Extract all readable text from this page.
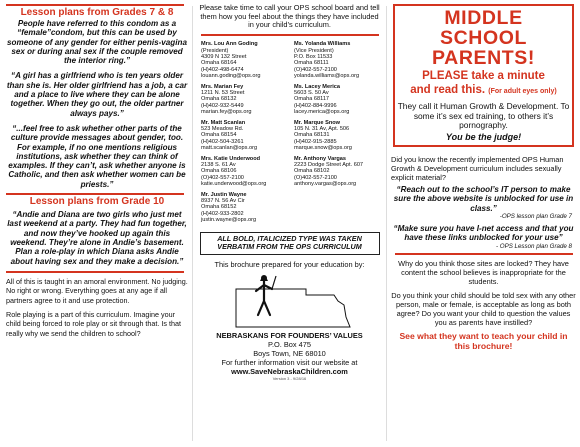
Lesson plans from Grades 7 & 8

People have referred to this condom as a “female”condom, but this can be used by someone of any gender for either penis-vagina sex or during anal sex if the couple removed the interior ring.”

“A girl has a girlfriend who is ten years older than she is. Her older girlfriend has a job, a car and a place to live where they can be alone together. When they go out, the older partner always pays.”

“...feel free to ask whether other parts of the culture provide messages about gender, too. For example, if no one mentions religious institutions, ask whether they can think of examples. If they can’t, ask whether anyone is Catholic, and then ask whether women can be priests.”

Lesson plans from Grade 10

“Andie and Diana are two girls who just met last weekend at a party. They had fun together, and now they’ve hooked up again this weekend. They’re alone in Andie’s basement. Plan a role-play in which Diana asks Andie about having sex and they make a decision.”

All of this is taught in an amoral environment. No judging. No right or wrong. Everything goes at any age if all partners agree to it and use protection.

Role playing is a part of this curriculum. Imagine your child being forced to role play or sit through that. Is that really why we send the children to school?

Please take time to call your OPS school board and tell them how you feel about the things they have included in your child’s curriculum.

Mrs. Lou Ann Goding
(President)
4309 N 132 Street
Omaha 68164
(H)402-498-6474
louann.goding@ops.org
Ms. Yolanda Williams
(Vice President)
P.O. Box 11533
Omaha 68111
(O)402-557-2100
yolanda.williams@ops.org
Mrs. Marian Fey
1211 N. 53 Street
Omaha 68132
(H)402-932-5449
marian.fey@ops.org
Ms. Lacey Merica
5603 S. 50 Av
Omaha 68117
(H)402-884-9996
lacey.merica@ops.org
Mr. Matt Scanlan
523 Meadow Rd.
Omaha 68154
(H)402-504-3261
matt.scanlan@ops.org
Mr. Marque Snow
105 N. 31 Av, Apt. 506
Omaha 68131
(H)402-915-2885
marque.snow@ops.org
Mrs. Katie Underwood
2138 S. 61 Av
Omaha 68106
(O)402-557-2100
katie.underwood@ops.org
Mr. Anthony Vargas
2223 Dodge Street Apt. 607
Omaha 68102
(O)402-557-2100
anthony.vargas@ops.org
Mr. Justin Wayne
8937 N. 56 Av Cir
Omaha 68152
(H)402-933-2802
justin.wayne@ops.org
ALL BOLD, ITALICIZED TYPE WAS TAKEN VERBATIM FROM THE OPS CURRICULUM
This brochure prepared for your education by:

NEBRASKANS FOR FOUNDERS’ VALUES

P.O. Box 475

Boys Town, NE 68010

For further information visit our website at

www.SaveNebraskaChildren.com

Version 3 - 9/28/16
MIDDLE
SCHOOL
PARENTS!
PLEASE take a minute
and read this. (For adult eyes only)
They call it Human Growth & Development. To some it’s sex ed training, to others it’s pornography.
You be the judge!

Did you know the recently implemented OPS Human Growth & Development curriculum includes sexually explicit material?

“Reach out to the school’s IT person to make sure the above website is unblocked for use in class.”

-OPS lesson plan Grade 7

“Make sure you have I-net access and that you have these links unblocked for your use”

- OPS Lesson plan Grade 8

Why do you think those sites are locked? They have content the school believes is inappropriate for the students.

Do you think your child should be told sex with any other person, male or female, is acceptable as long as both agree? Do you want your child to question the values you as parents have instilled?

See what they want to teach your child in this brochure!
